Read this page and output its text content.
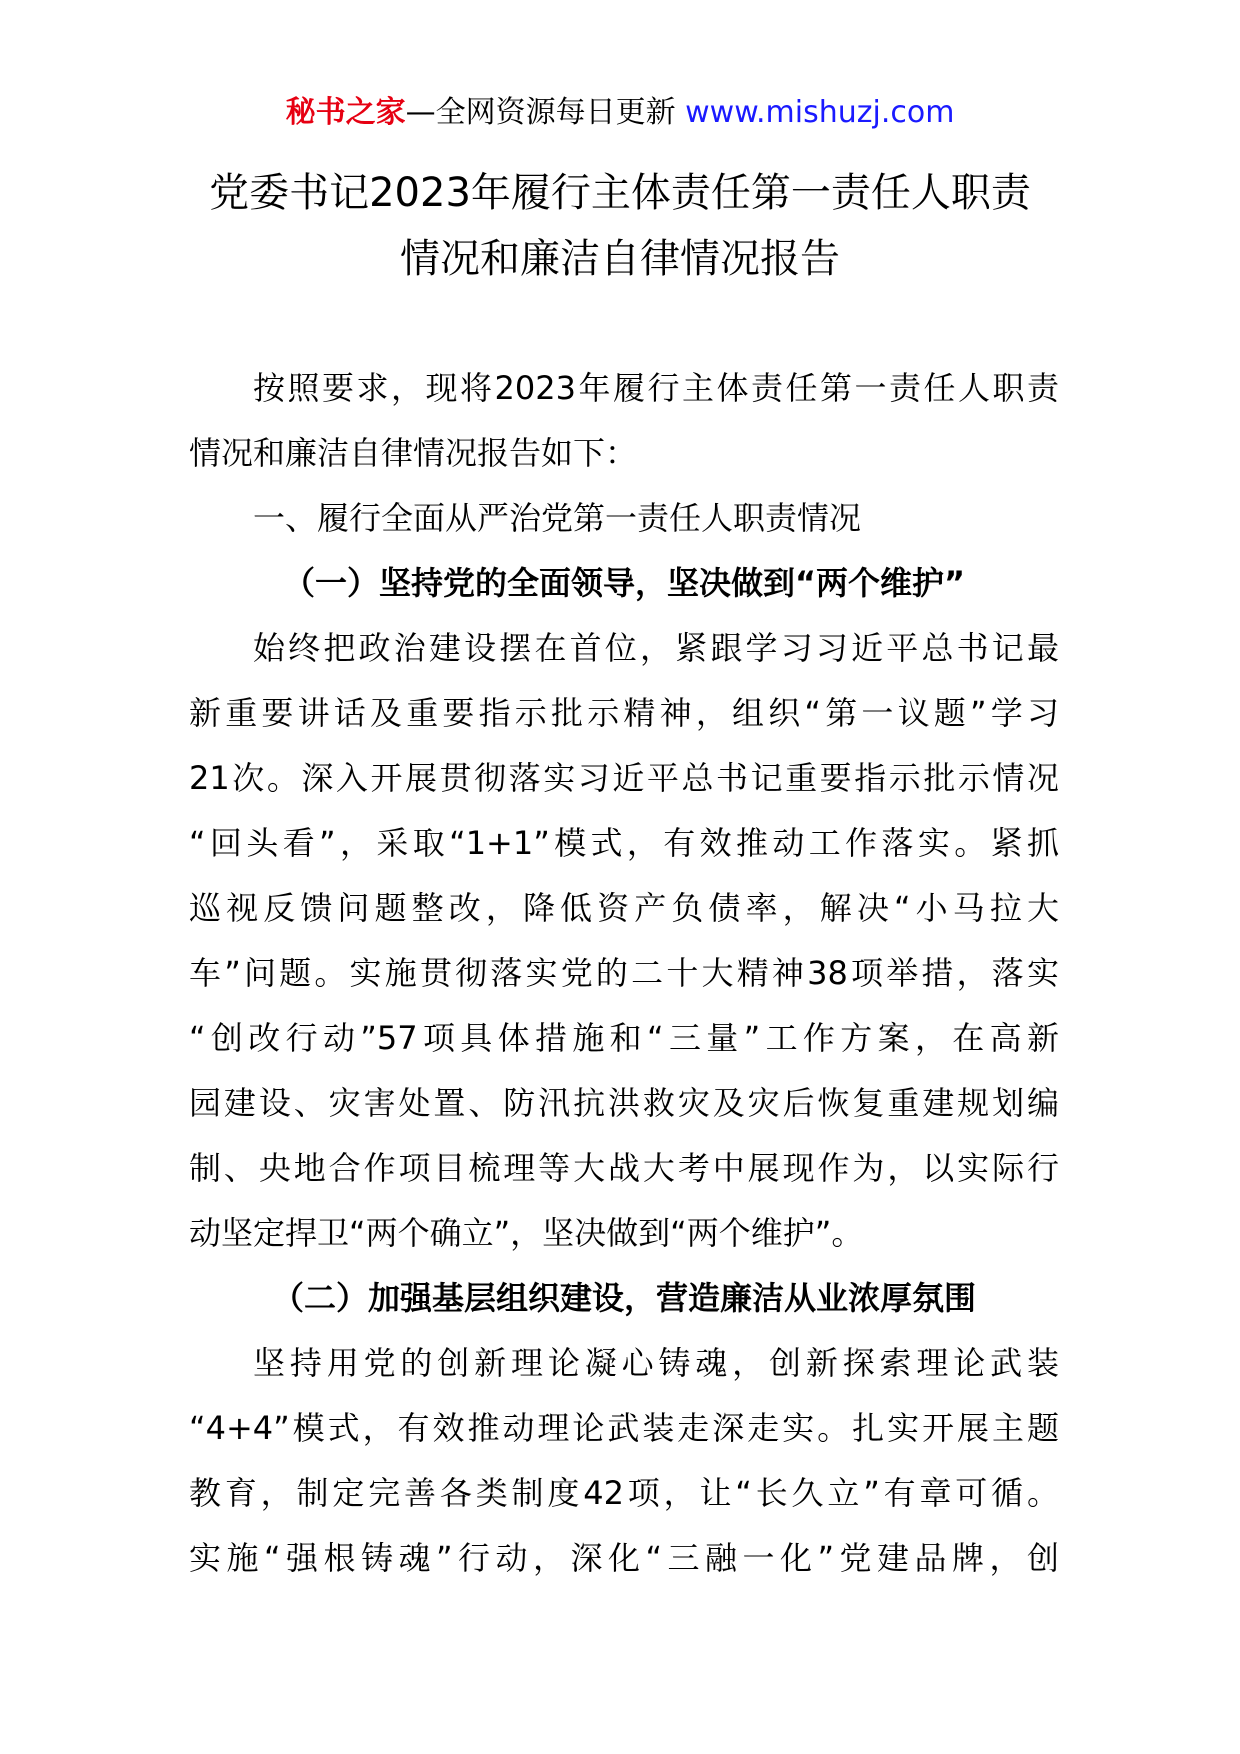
秘书之家—全网资源每日更新 www.mishuzj.com
党委书记2023年履行主体责任第一责任人职责
情况和廉洁自律情况报告
按照要求，现将2023年履行主体责任第一责任人职责
情况和廉洁自律情况报告如下：
一、履行全面从严治党第一责任人职责情况
（一）坚持党的全面领导，坚决做到“两个维护”
始终把政治建设摆在首位，紧跟学习习近平总书记最
新重要讲话及重要指示批示精神，组织“第一议题”学习
21次。深入开展贯彻落实习近平总书记重要指示批示情况
“回头看”，采取“1+1”模式，有效推动工作落实。紧抓
巡视反馈问题整改，降低资产负债率，解决“小马拉大
车”问题。实施贯彻落实党的二十大精神38项举措，落实
“创改行动”57项具体措施和“三量”工作方案，在高新
园建设、灾害处置、防汛抗洪救灾及灾后恢复重建规划编
制、央地合作项目梳理等大战大考中展现作为，以实际行
动坚定捍卫“两个确立”，坚决做到“两个维护”。
（二）加强基层组织建设，营造廉洁从业浓厚氛围
坚持用党的创新理论凝心铸魂，创新探索理论武装
“4+4”模式，有效推动理论武装走深走实。扎实开展主题
教育，制定完善各类制度42项，让“长久立”有章可循。
实施“强根铸魂”行动，深化“三融一化”党建品牌，创
